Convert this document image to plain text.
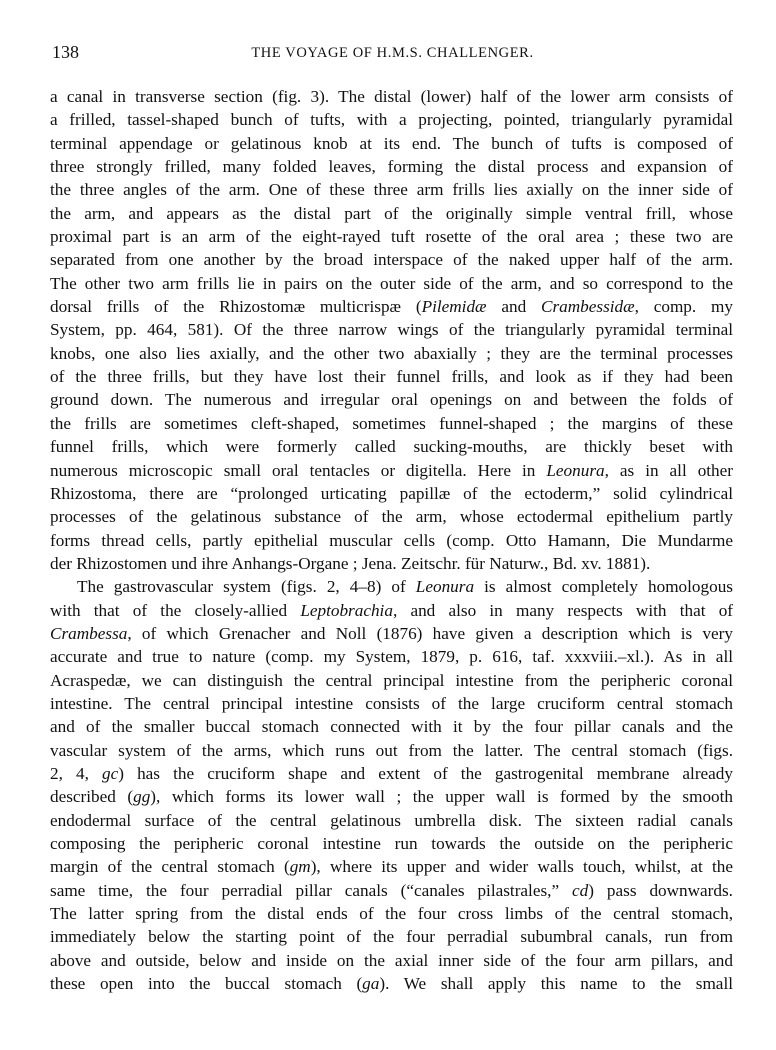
138	THE VOYAGE OF H.M.S. CHALLENGER.
a canal in transverse section (fig. 3). The distal (lower) half of the lower arm consists of
a frilled, tassel-shaped bunch of tufts, with a projecting, pointed, triangularly pyramidal
terminal appendage or gelatinous knob at its end. The bunch of tufts is composed of
three strongly frilled, many folded leaves, forming the distal process and expansion of
the three angles of the arm. One of these three arm frills lies axially on the inner side of
the arm, and appears as the distal part of the originally simple ventral frill, whose
proximal part is an arm of the eight-rayed tuft rosette of the oral area ; these two are
separated from one another by the broad interspace of the naked upper half of the arm.
The other two arm frills lie in pairs on the outer side of the arm, and so correspond to the
dorsal frills of the Rhizostomæ multicrispæ (Pilemidæ and Crambessidæ, comp. my
System, pp. 464, 581). Of the three narrow wings of the triangularly pyramidal terminal
knobs, one also lies axially, and the other two abaxially ; they are the terminal processes
of the three frills, but they have lost their funnel frills, and look as if they had been
ground down. The numerous and irregular oral openings on and between the folds of
the frills are sometimes cleft-shaped, sometimes funnel-shaped ; the margins of these
funnel frills, which were formerly called sucking-mouths, are thickly beset with
numerous microscopic small oral tentacles or digitella. Here in Leonura, as in all other
Rhizostoma, there are “prolonged urticating papillæ of the ectoderm,” solid cylindrical
processes of the gelatinous substance of the arm, whose ectodermal epithelium partly
forms thread cells, partly epithelial muscular cells (comp. Otto Hamann, Die Mundarme
der Rhizostomen und ihre Anhangs-Organe ; Jena. Zeitschr. für Naturw., Bd. xv. 1881).
The gastrovascular system (figs. 2, 4–8) of Leonura is almost completely homologous
with that of the closely-allied Leptobrachia, and also in many respects with that of
Crambessa, of which Grenacher and Noll (1876) have given a description which is very
accurate and true to nature (comp. my System, 1879, p. 616, taf. xxxviii.–xl.). As in all
Acraspedæ, we can distinguish the central principal intestine from the peripheric coronal
intestine. The central principal intestine consists of the large cruciform central stomach
and of the smaller buccal stomach connected with it by the four pillar canals and the
vascular system of the arms, which runs out from the latter. The central stomach (figs.
2, 4, gc) has the cruciform shape and extent of the gastrogenital membrane already
described (gg), which forms its lower wall ; the upper wall is formed by the smooth
endodermal surface of the central gelatinous umbrella disk. The sixteen radial canals
composing the peripheric coronal intestine run towards the outside on the peripheric
margin of the central stomach (gm), where its upper and wider walls touch, whilst, at the
same time, the four perradial pillar canals (“canales pilastrales,” cd) pass downwards.
The latter spring from the distal ends of the four cross limbs of the central stomach,
immediately below the starting point of the four perradial subumbral canals, run from
above and outside, below and inside on the axial inner side of the four arm pillars, and
these open into the buccal stomach (ga). We shall apply this name to the small
